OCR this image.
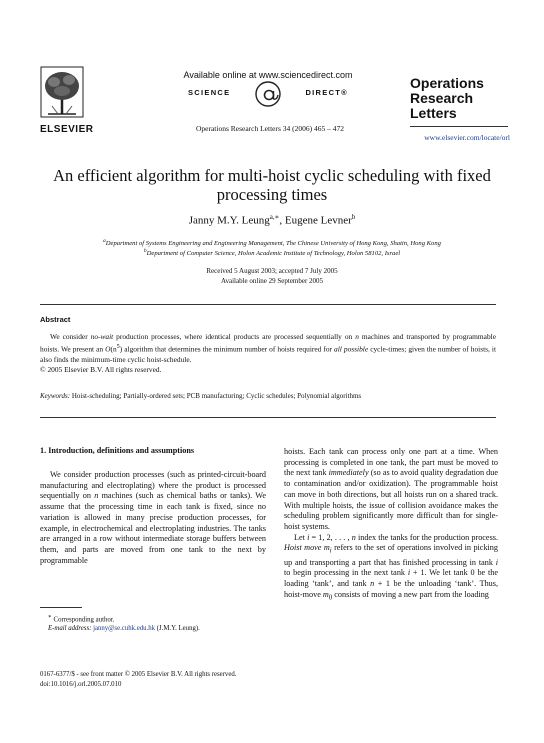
ELSEVIER
Available online at www.sciencedirect.com
SCIENCE	DIRECT®
Operations Research Letters 34 (2006) 465 – 472
Operations
Research
Letters
www.elsevier.com/locate/orl
An efficient algorithm for multi-hoist cyclic scheduling with fixed
processing times
Janny M.Y. Leung$^{a,∗}$, Eugene Levner$^b$
$^a$Department of Systems Engineering and Engineering Management, The Chinese University of Hong Kong, Shatin, Hong Kong
$^b$Department of Computer Science, Holon Academic Institute of Technology, Holon 58102, Israel
Received 5 August 2003; accepted 7 July 2005
Available online 29 September 2005
Abstract

We consider no-wait production processes, where identical products are processed sequentially on n machines and transported by programmable hoists. We present an $O(n^5)$ algorithm that determines the minimum number of hoists required for all possible cycle-times; given the number of hoists, it also finds the minimum-time cyclic hoist-schedule.

© 2005 Elsevier B.V. All rights reserved.

Keywords: Hoist-scheduling; Partially-ordered sets; PCB manufacturing; Cyclic schedules; Polynomial algorithms
1. Introduction, definitions and assumptions

We consider production processes (such as printed-circuit-board manufacturing and electroplating) where the product is processed sequentially on n machines (such as chemical baths or tanks). We assume that the processing time in each tank is fixed, since no variation is allowed in many precise production processes, for example, in electrochemical and electroplating industries. The tanks are arranged in a row without intermediate storage buffers between them, and parts are moved from one tank to the next by programmable

hoists. Each tank can process only one part at a time. When processing is completed in one tank, the part must be moved to the next tank immediately (so as to avoid quality degradation due to contamination and/or oxidization). The programmable hoist can move in both directions, but all hoists run on a shared track. With multiple hoists, the issue of collision avoidance makes the scheduling problem significantly more difficult than for single-hoist systems.

Let i = 1, 2, . . . , n index the tanks for the production process. Hoist move $m_i$ refers to the set of operations involved in picking up and transporting a part that has finished processing in tank i to begin processing in the next tank i + 1. We let tank 0 be the loading ‘tank’, and tank n + 1 be the unloading ‘tank’. Thus, hoist-move $m_0$ consists of moving a new part from the loading

∗ Corresponding author.
E-mail address: janny@se.cuhk.edu.hk (J.M.Y. Leung).
0167-6377/$ - see front matter © 2005 Elsevier B.V. All rights reserved.
doi:10.1016/j.orl.2005.07.010
